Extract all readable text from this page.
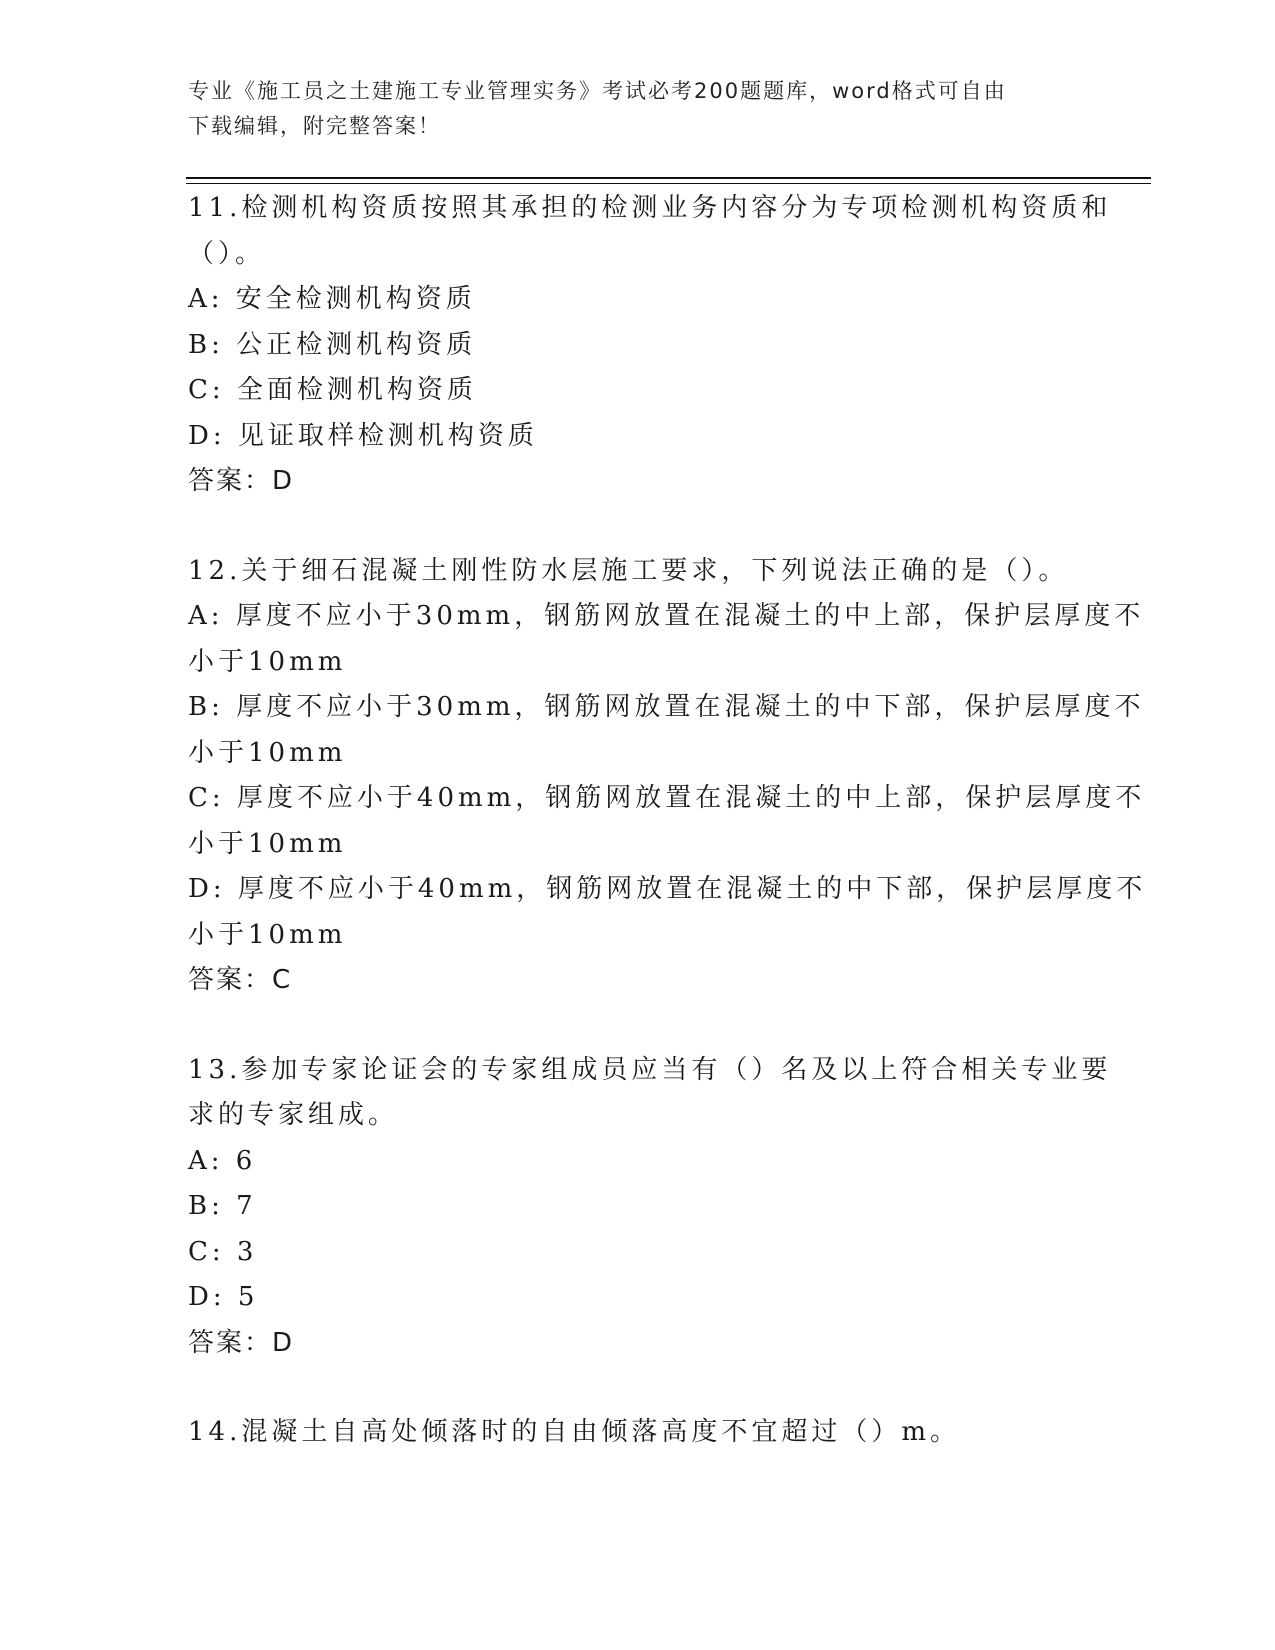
专业《施工员之土建施工专业管理实务》考试必考200题题库，word格式可自由
下载编辑，附完整答案！
11.检测机构资质按照其承担的检测业务内容分为专项检测机构资质和
（）。
A: 安全检测机构资质
B: 公正检测机构资质
C: 全面检测机构资质
D: 见证取样检测机构资质
答案：D
12.关于细石混凝土刚性防水层施工要求，下列说法正确的是（）。
A: 厚度不应小于30mm，钢筋网放置在混凝土的中上部，保护层厚度不
小于10mm
B: 厚度不应小于30mm，钢筋网放置在混凝土的中下部，保护层厚度不
小于10mm
C: 厚度不应小于40mm，钢筋网放置在混凝土的中上部，保护层厚度不
小于10mm
D: 厚度不应小于40mm，钢筋网放置在混凝土的中下部，保护层厚度不
小于10mm
答案：C
13.参加专家论证会的专家组成员应当有（）名及以上符合相关专业要
求的专家组成。
A: 6
B: 7
C: 3
D: 5
答案：D
14.混凝土自高处倾落时的自由倾落高度不宜超过（）m。
